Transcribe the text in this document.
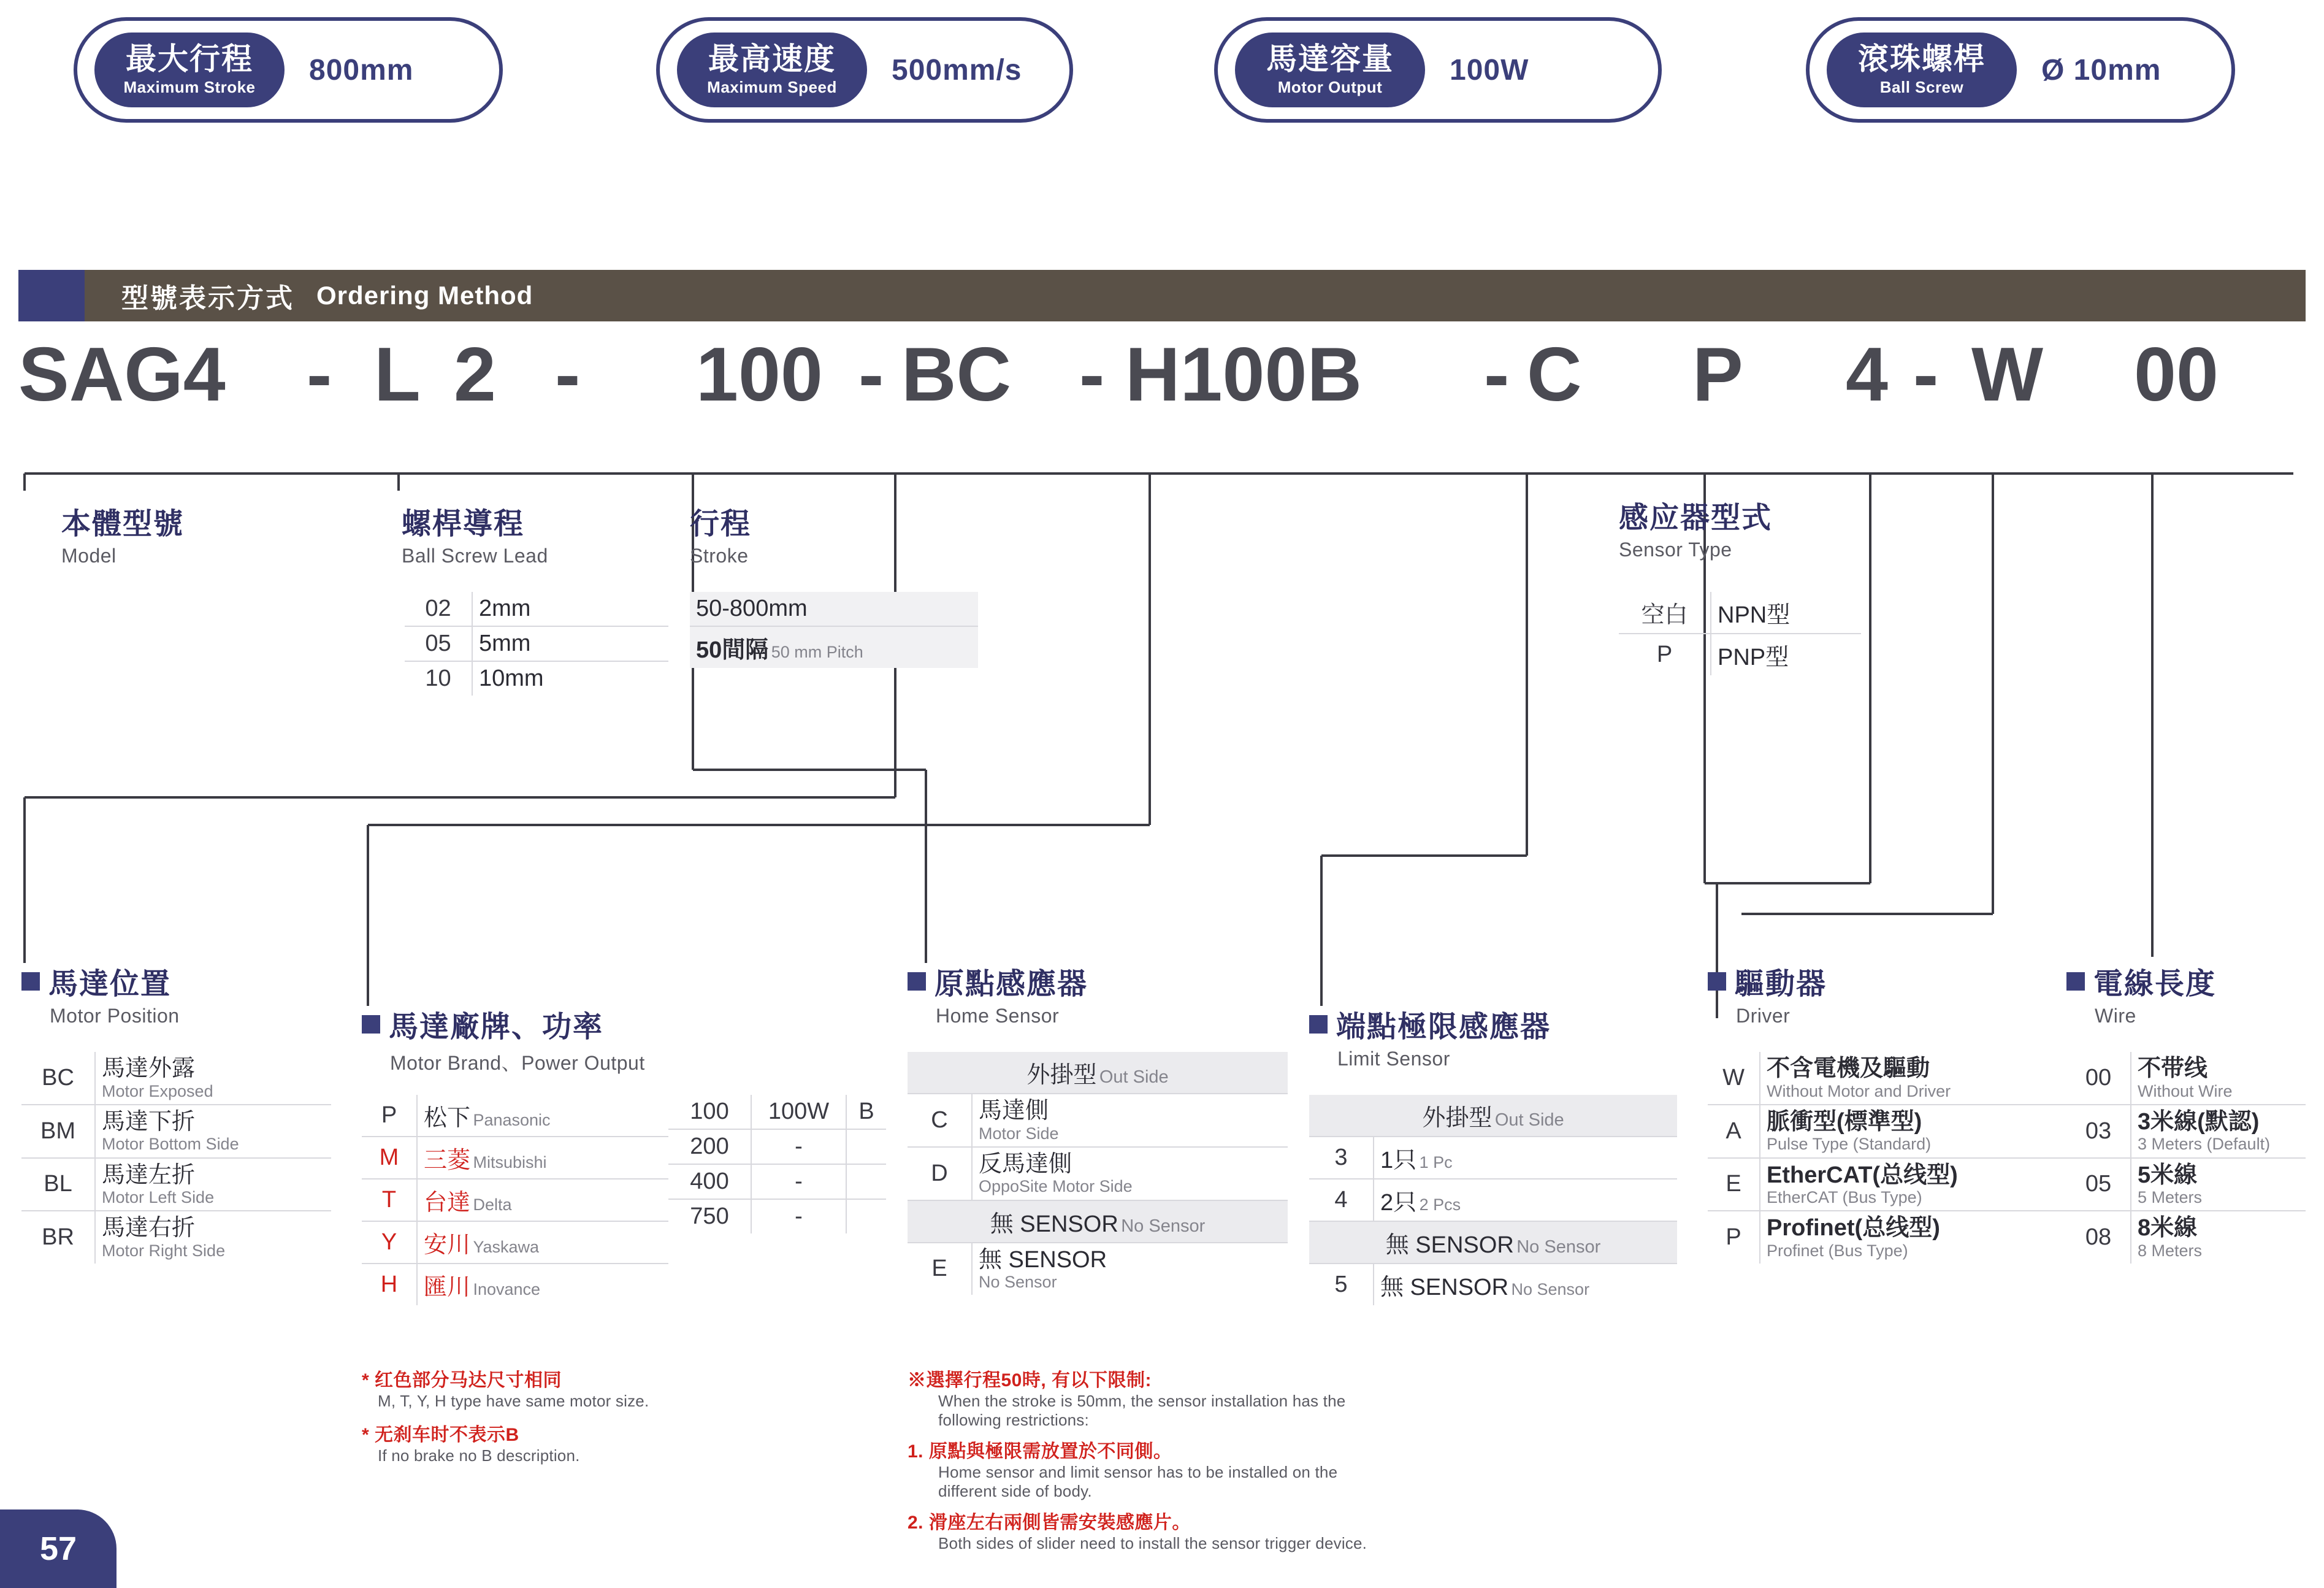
最大行程
Maximum Stroke
800mm	最高速度
Maximum Speed
500mm/s	馬達容量
Motor Output
100W	滾珠螺桿
Ball Screw
Ø 10mm
型號表示方式 Ordering Method
SAG4 - L 2 - 100 - BC - H100B - C P 4 - W 00
本體型號
Model
螺桿導程
Ball Screw Lead
02	2mm
05	5mm
10	10mm
行程
Stroke
50-800mm
50間隔 50 mm Pitch
感应器型式
Sensor Type
空白	NPN型
P	PNP型
馬達位置
Motor Position
BC	馬達外露
Motor Exposed

BM	馬達下折
Motor Bottom Side

BL	馬達左折
Motor Left Side

BR	馬達右折
Motor Right Side
馬達廠牌、功率
Motor Brand、Power Output
P	松下 Panasonic
M	三菱 Mitsubishi
T	台達 Delta
Y	安川 Yaskawa
H	匯川 Inovance
100	100W	B
200	-	
400	-	
750	-	
* 红色部分马达尺寸相同
M, T, Y, H type have same motor size.
* 无刹车时不表示B
If no brake no B description.
原點感應器
Home Sensor
外掛型 Out Side	
C	馬達側
Motor Side

D	反馬達側
OppoSite Motor Side

無 SENSOR No Sensor	
E	無 SENSOR
No Sensor
※選擇行程50時, 有以下限制:
When the stroke is 50mm, the sensor installation has the following restrictions:
1. 原點與極限需放置於不同側。
Home sensor and limit sensor has to be installed on the different side of body.
2. 滑座左右兩側皆需安裝感應片。
Both sides of slider need to install the sensor trigger device.
端點極限感應器
Limit Sensor
外掛型 Out Side	
3	1只 1 Pc
4	2只 2 Pcs
無 SENSOR No Sensor	
5	無 SENSOR No Sensor
驅動器
Driver
W	不含電機及驅動
Without Motor and Driver

A	脈衝型(標準型)
Pulse Type (Standard)

E	EtherCAT(总线型)
EtherCAT (Bus Type)

P	Profinet(总线型)
Profinet (Bus Type)
電線長度
Wire
00	不带线
Without Wire

03	3米線(默認)
3 Meters (Default)

05	5米線
5 Meters

08	8米線
8 Meters
57
